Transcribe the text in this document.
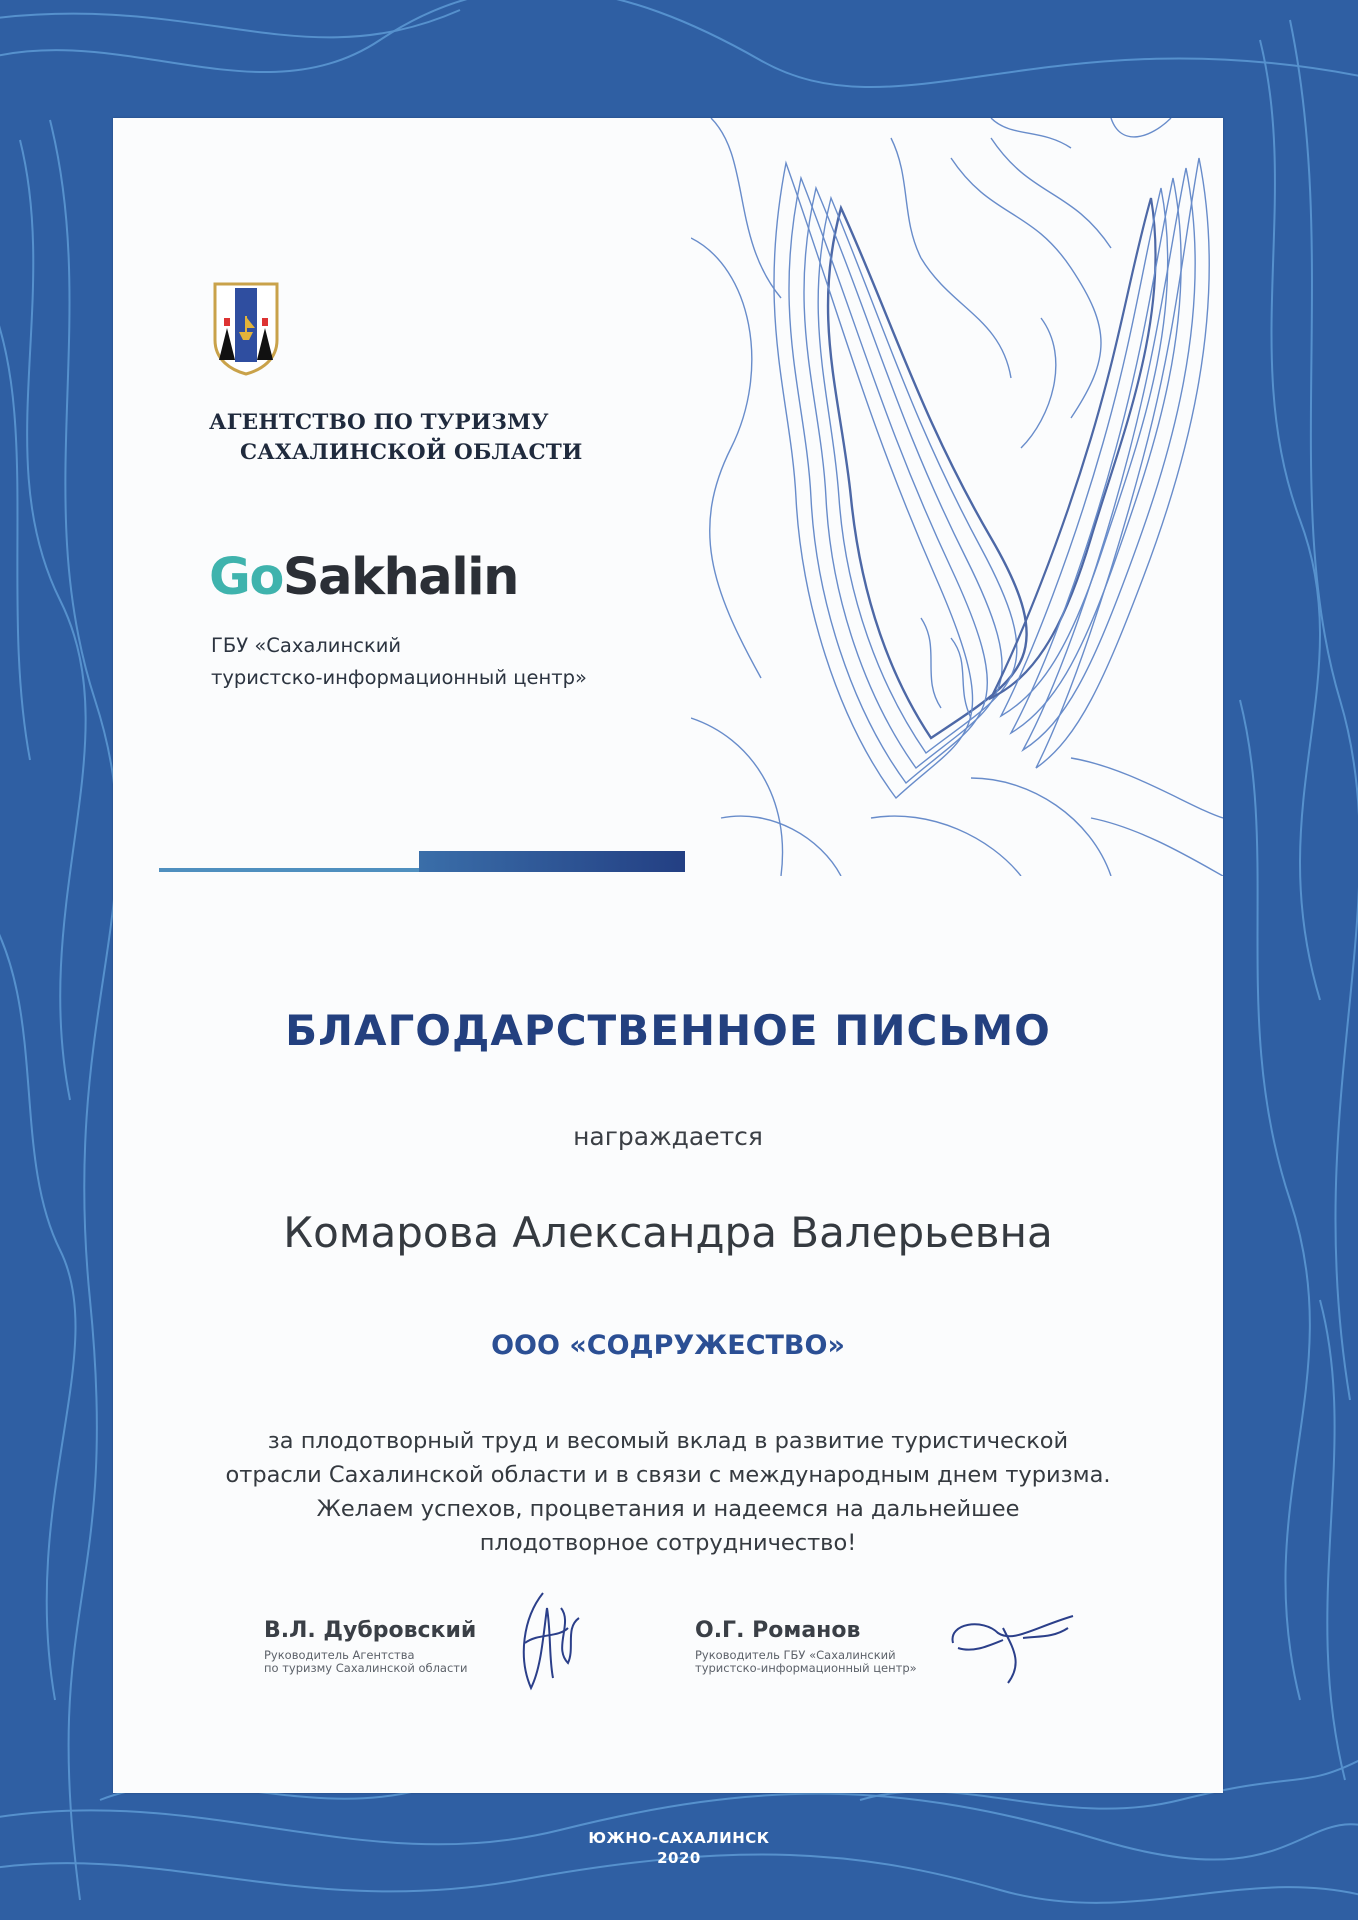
АГЕНТСТВО ПО ТУРИЗМУ
САХАЛИНСКОЙ ОБЛАСТИ
GoSakhalin
ГБУ «Сахалинский
туристско-информационный центр»
БЛАГОДАРСТВЕННОЕ ПИСЬМО
награждается
Комарова Александра Валерьевна
ООО «СОДРУЖЕСТВО»
за плодотворный труд и весомый вклад в развитие туристической
отрасли Сахалинской области и в связи с международным днем туризма.
Желаем успехов, процветания и надеемся на дальнейшее
плодотворное сотрудничество!
В.Л. Дубровский
Руководитель Агентства
по туризму Сахалинской области
О.Г. Романов
Руководитель ГБУ «Сахалинский
туристско-информационный центр»
ЮЖНО-САХАЛИНСК
2020
